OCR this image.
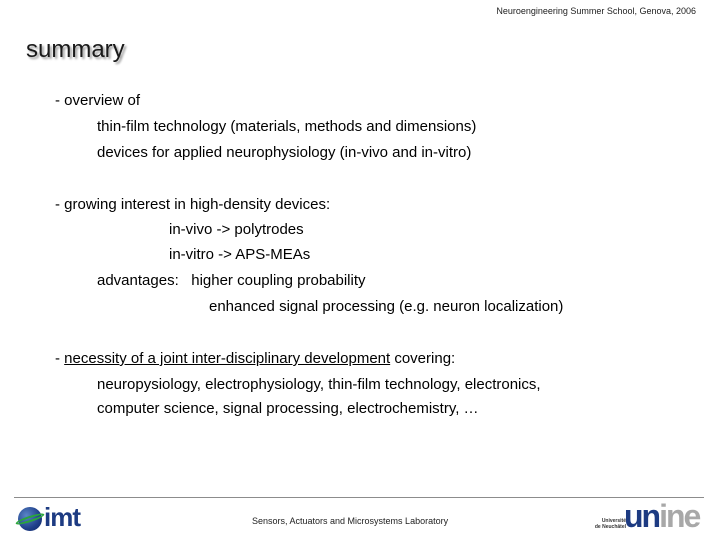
Neuroengineering Summer School, Genova, 2006
summary
- overview of
thin-film technology (materials, methods and dimensions)
devices for applied neurophysiology (in-vivo and in-vitro)
- growing interest in high-density devices:
in-vivo -> polytrodes
in-vitro -> APS-MEAs
advantages:   higher coupling probability
enhanced signal processing (e.g. neuron localization)
- necessity of a joint inter-disciplinary development covering:
neuropysiology, electrophysiology, thin-film technology, electronics,
computer science, signal processing, electrochemistry, …
imt	Sensors, Actuators and Microsystems Laboratory	Université
de Neuchâtel
unine
